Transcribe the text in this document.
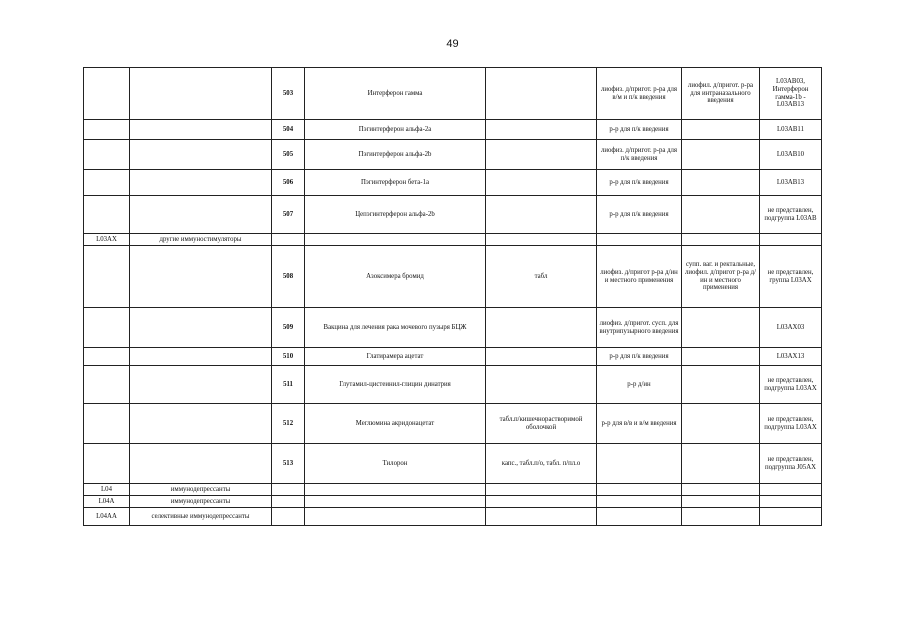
49
		503	Интерферон гамма		лиофиз. д/пригот. р-ра для в/м и п/к введения	лиофил. д/пригот. р-ра для интраназального введения	L03AB03, Интерферон гамма-1b - L03AB13
		504	Пэгинтерферон альфа-2a		р-р для п/к введения		L03AB11
		505	Пэгинтерферон альфа-2b		лиофиз. д/пригот. р-ра для п/к введения		L03AB10
		506	Пэгинтерферон бета-1a		р-р для п/к введения		L03AB13
		507	Цепэгинтерферон альфа-2b		р-р для п/к введения		не представлен, подгруппа L03AB
L03AX	другие иммуностимуляторы						
		508	Азоксимера бромид	табл	лиофиз. д/пригот р-ра д/ин и местного применения	супп. ваг. и ректальные, лиофил. д/пригот р-ра д/ин и местного применения	не представлен, группа L03AX
		509	Вакцина для лечения рака мочевого пузыря БЦЖ		лиофиз. д/пригот. сусп. для внутрипузырного введения		L03AX03
		510	Глатирамера ацетат		р-р для п/к введения		L03AX13
		511	Глутамил-цистеинил-глицин динатрия		р-р д/ин		не представлен, подгруппа L03AX
		512	Меглюмина акридонацетат	табл.п/кишечнорастворимой оболочкой	р-р для в/в и в/м введения		не представлен, подгруппа L03AX
		513	Тилорон	капс., табл.п/о, табл. п/пл.о			не представлен, подгруппа J05AX
L04	иммунодепрессанты						
L04A	иммунодепрессанты						
L04AA	селективные иммунодепрессанты						
